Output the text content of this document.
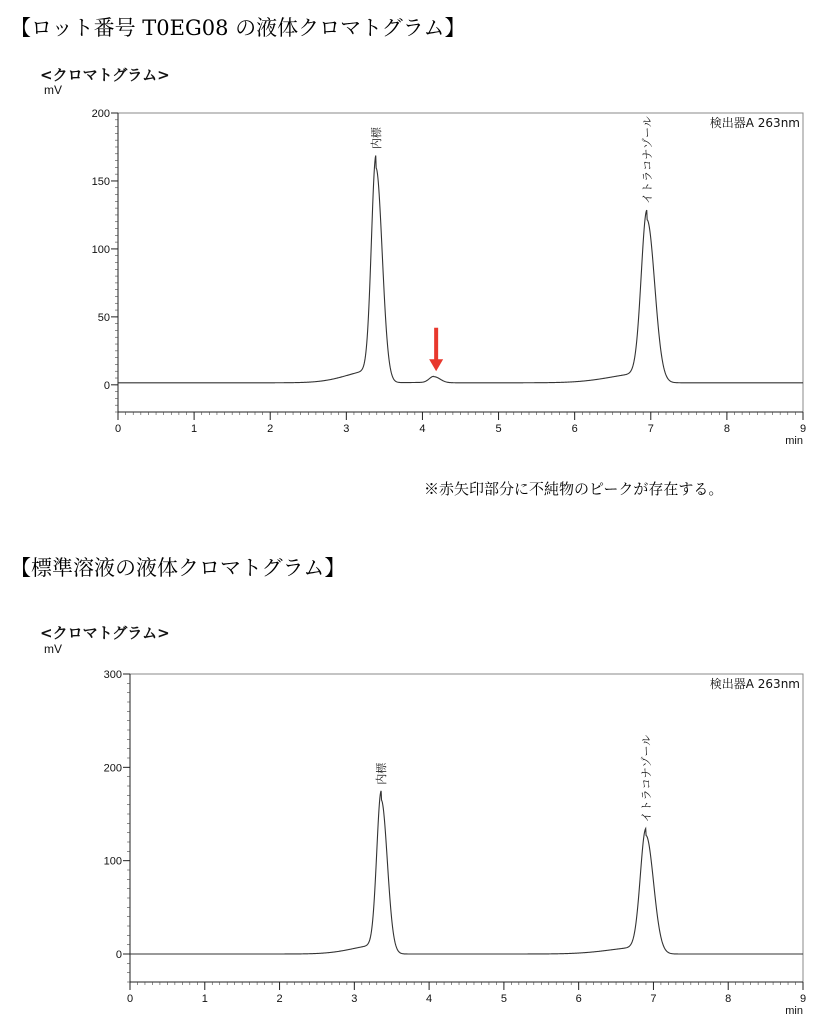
【ロット番号 T0EG08 の液体クロマトグラム】
<クロマトグラム>
mV
検出器A 263nm
0
50
100
150
200
0	1	2	3	4	5	6	7	8	9
min
内標	イトラコナゾール
※赤矢印部分に不純物のピークが存在する。
【標準溶液の液体クロマトグラム】
<クロマトグラム>
mV
検出器A 263nm
0
100
200
300
0	1	2	3	4	5	6	7	8	9
min
内標	イトラコナゾール
